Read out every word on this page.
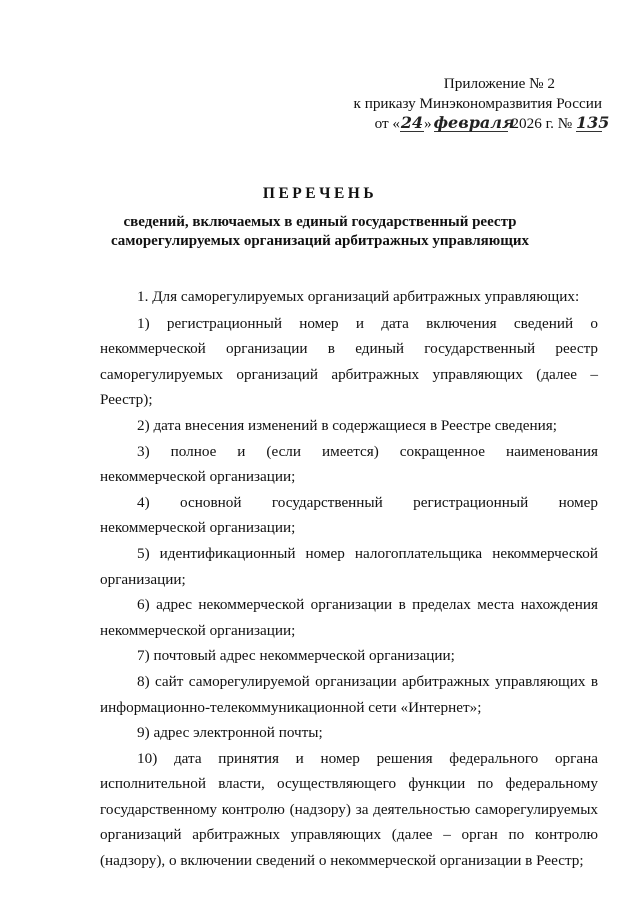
Приложение № 2
к приказу Минэкономразвития России
от «24» февраля 2026 г. № 135
ПЕРЕЧЕНЬ
сведений, включаемых в единый государственный реестр
саморегулируемых организаций арбитражных управляющих

1. Для саморегулируемых организаций арбитражных управляющих:

1) регистрационный номер и дата включения сведений о некоммерческой организации в единый государственный реестр саморегулируемых организаций арбитражных управляющих (далее – Реестр);

2) дата внесения изменений в содержащиеся в Реестре сведения;

3) полное и (если имеется) сокращенное наименования некоммерческой организации;

4) основной государственный регистрационный номер некоммерческой организации;

5) идентификационный номер налогоплательщика некоммерческой организации;

6) адрес некоммерческой организации в пределах места нахождения некоммерческой организации;

7) почтовый адрес некоммерческой организации;

8) сайт саморегулируемой организации арбитражных управляющих в информационно-телекоммуникационной сети «Интернет»;

9) адрес электронной почты;

10) дата принятия и номер решения федерального органа исполнительной власти, осуществляющего функции по федеральному государственному контролю (надзору) за деятельностью саморегулируемых организаций арбитражных управляющих (далее – орган по контролю (надзору), о включении сведений о некоммерческой организации в Реестр;
